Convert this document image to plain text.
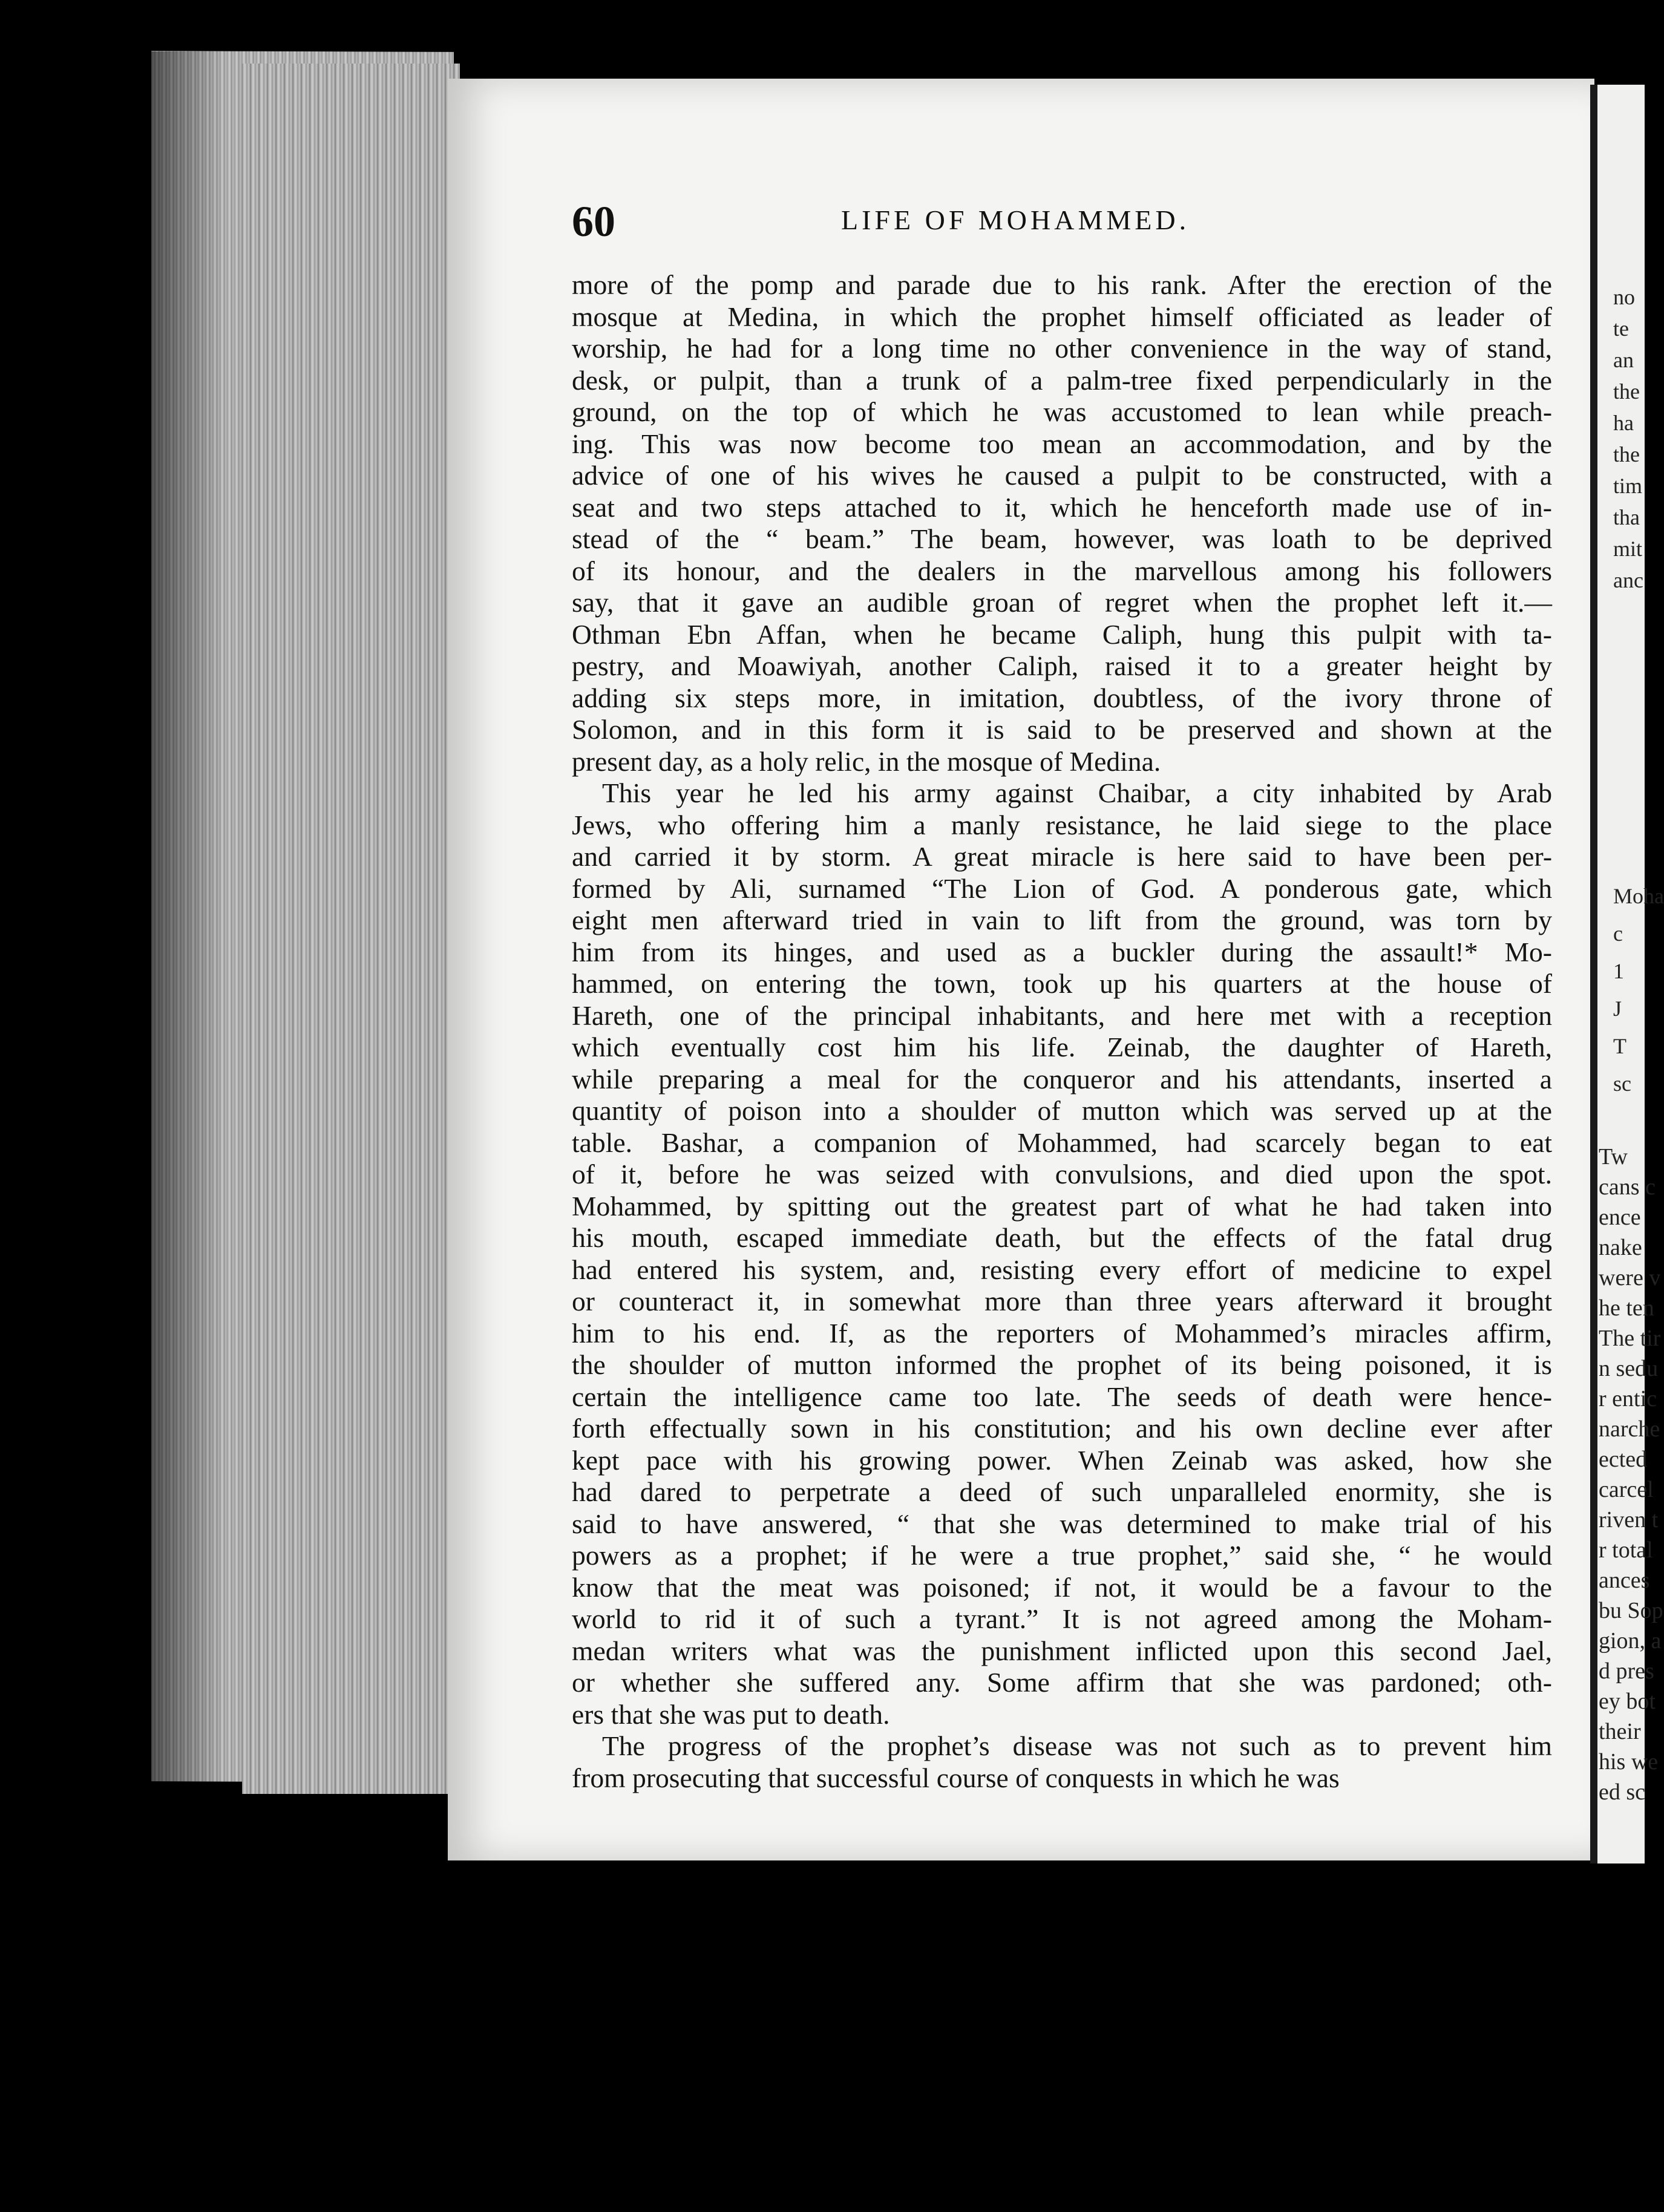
60	LIFE OF MOHAMMED.
more of the pomp and parade due to his rank. After the erection of the
mosque at Medina, in which the prophet himself officiated as leader of
worship, he had for a long time no other convenience in the way of stand,
desk, or pulpit, than a trunk of a palm-tree fixed perpendicularly in the
ground, on the top of which he was accustomed to lean while preach-
ing. This was now become too mean an accommodation, and by the
advice of one of his wives he caused a pulpit to be constructed, with a
seat and two steps attached to it, which he henceforth made use of in-
stead of the “ beam.” The beam, however, was loath to be deprived
of its honour, and the dealers in the marvellous among his followers
say, that it gave an audible groan of regret when the prophet left it.—
Othman Ebn Affan, when he became Caliph, hung this pulpit with ta-
pestry, and Moawiyah, another Caliph, raised it to a greater height by
adding six steps more, in imitation, doubtless, of the ivory throne of
Solomon, and in this form it is said to be preserved and shown at the
present day, as a holy relic, in the mosque of Medina.
This year he led his army against Chaibar, a city inhabited by Arab
Jews, who offering him a manly resistance, he laid siege to the place
and carried it by storm. A great miracle is here said to have been per-
formed by Ali, surnamed “The Lion of God. A ponderous gate, which
eight men afterward tried in vain to lift from the ground, was torn by
him from its hinges, and used as a buckler during the assault!* Mo-
hammed, on entering the town, took up his quarters at the house of
Hareth, one of the principal inhabitants, and here met with a reception
which eventually cost him his life. Zeinab, the daughter of Hareth,
while preparing a meal for the conqueror and his attendants, inserted a
quantity of poison into a shoulder of mutton which was served up at the
table. Bashar, a companion of Mohammed, had scarcely began to eat
of it, before he was seized with convulsions, and died upon the spot.
Mohammed, by spitting out the greatest part of what he had taken into
his mouth, escaped immediate death, but the effects of the fatal drug
had entered his system, and, resisting every effort of medicine to expel
or counteract it, in somewhat more than three years afterward it brought
him to his end. If, as the reporters of Mohammed’s miracles affirm,
the shoulder of mutton informed the prophet of its being poisoned, it is
certain the intelligence came too late. The seeds of death were hence-
forth effectually sown in his constitution; and his own decline ever after
kept pace with his growing power. When Zeinab was asked, how she
had dared to perpetrate a deed of such unparalleled enormity, she is
said to have answered, “ that she was determined to make trial of his
powers as a prophet; if he were a true prophet,” said she, “ he would
know that the meat was poisoned; if not, it would be a favour to the
world to rid it of such a tyrant.” It is not agreed among the Moham-
medan writers what was the punishment inflicted upon this second Jael,
or whether she suffered any. Some affirm that she was pardoned; oth-
ers that she was put to death.
The progress of the prophet’s disease was not such as to prevent him
from prosecuting that successful course of conquests in which he was
no
te
an
the
ha
the
tim
tha
mit
anc
Moha
c
1
J
T
sc
Tw
cans c
ence
nake
were v
he ten
The tir
n sedu
r entic
narche
ected
carcel
riven t
r total
ances
bu Sop
gion, a
d pres
ey bot
their
his we
ed sc
